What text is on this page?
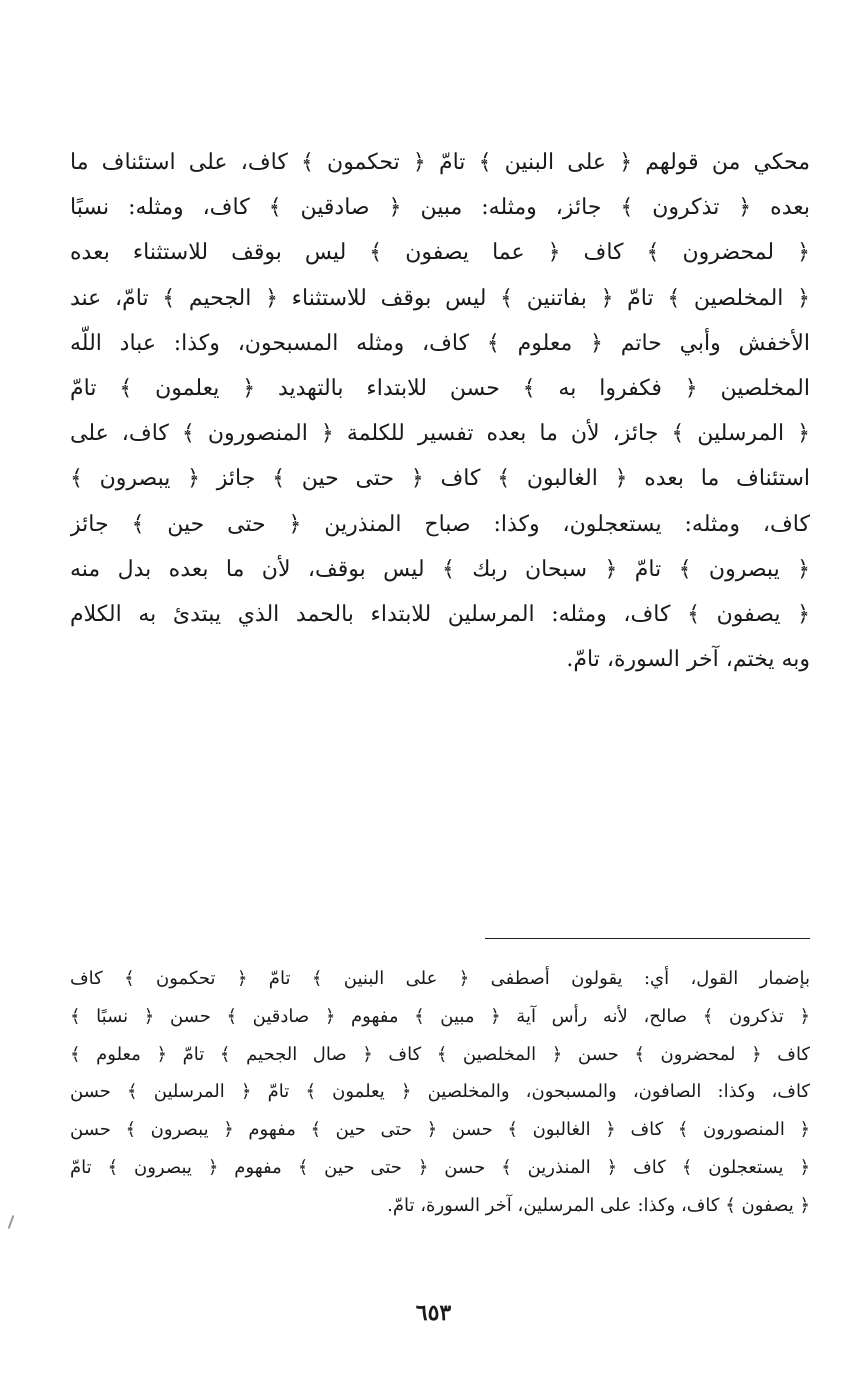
محكي من قولهم ﴿ على البنين ﴾ تامّ ﴿ تحكمون ﴾ كاف، على استئناف ما
بعده ﴿ تذكرون ﴾ جائز، ومثله: مبين ﴿ صادقين ﴾ كاف، ومثله: نسبًا
﴿ لمحضرون ﴾ كاف ﴿ عما يصفون ﴾ ليس بوقف للاستثناء بعده
﴿ المخلصين ﴾ تامّ ﴿ بفاتنين ﴾ ليس بوقف للاستثناء ﴿ الجحيم ﴾ تامّ، عند
الأخفش وأبي حاتم ﴿ معلوم ﴾ كاف، ومثله المسبحون، وكذا: عباد اللّه
المخلصين ﴿ فكفروا به ﴾ حسن للابتداء بالتهديد ﴿ يعلمون ﴾ تامّ
﴿ المرسلين ﴾ جائز، لأن ما بعده تفسير للكلمة ﴿ المنصورون ﴾ كاف، على
استئناف ما بعده ﴿ الغالبون ﴾ كاف ﴿ حتى حين ﴾ جائز ﴿ يبصرون ﴾
كاف، ومثله: يستعجلون، وكذا: صباح المنذرين ﴿ حتى حين ﴾ جائز
﴿ يبصرون ﴾ تامّ ﴿ سبحان ربك ﴾ ليس بوقف، لأن ما بعده بدل منه
﴿ يصفون ﴾ كاف، ومثله: المرسلين للابتداء بالحمد الذي يبتدئ به الكلام
وبه يختم، آخر السورة، تامّ.
بإضمار القول، أي: يقولون أصطفى ﴿ على البنين ﴾ تامّ ﴿ تحكمون ﴾ كاف
﴿ تذكرون ﴾ صالح، لأنه رأس آية ﴿ مبين ﴾ مفهوم ﴿ صادقين ﴾ حسن ﴿ نسبًا ﴾
كاف ﴿ لمحضرون ﴾ حسن ﴿ المخلصين ﴾ كاف ﴿ صال الجحيم ﴾ تامّ ﴿ معلوم ﴾
كاف، وكذا: الصافون، والمسبحون، والمخلصين ﴿ يعلمون ﴾ تامّ ﴿ المرسلين ﴾ حسن
﴿ المنصورون ﴾ كاف ﴿ الغالبون ﴾ حسن ﴿ حتى حين ﴾ مفهوم ﴿ يبصرون ﴾ حسن
﴿ يستعجلون ﴾ كاف ﴿ المنذرين ﴾ حسن ﴿ حتى حين ﴾ مفهوم ﴿ يبصرون ﴾ تامّ
﴿ يصفون ﴾ كاف، وكذا: على المرسلين، آخر السورة، تامّ.
٦٥٣
